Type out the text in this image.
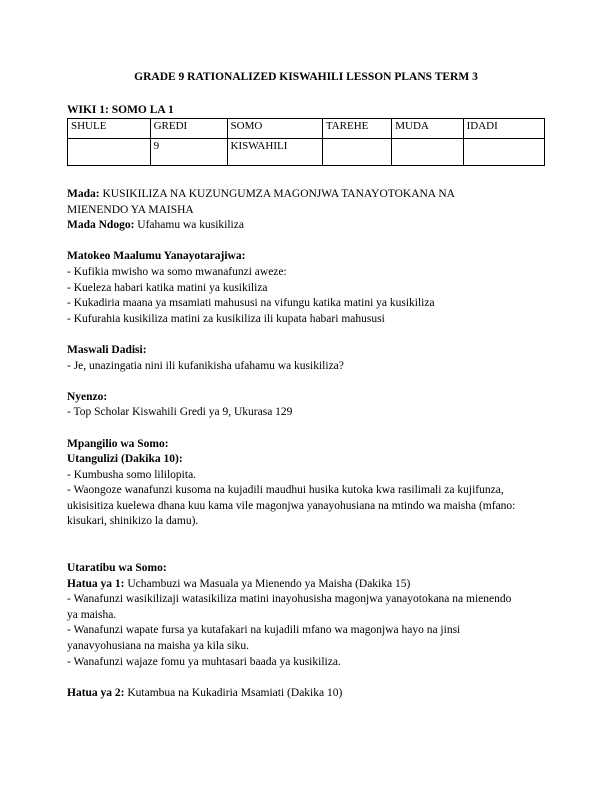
GRADE 9 RATIONALIZED KISWAHILI LESSON PLANS TERM 3
WIKI 1: SOMO LA 1
SHULE	GREDI	SOMO	TAREHE	MUDA	IDADI
	9	KISWAHILI			

Mada: KUSIKILIZA NA KUZUNGUMZA MAGONJWA TANAYOTOKANA NA

MIENENDO YA MAISHA

Mada Ndogo: Ufahamu wa kusikiliza

Matokeo Maalumu Yanayotarajiwa:

- Kufikia mwisho wa somo mwanafunzi aweze:

- Kueleza habari katika matini ya kusikiliza

- Kukadiria maana ya msamiati mahususi na vifungu katika matini ya kusikiliza

- Kufurahia kusikiliza matini za kusikiliza ili kupata habari mahususi

Maswali Dadisi:

- Je, unazingatia nini ili kufanikisha ufahamu wa kusikiliza?

Nyenzo:

- Top Scholar Kiswahili Gredi ya 9, Ukurasa 129

Mpangilio wa Somo:

Utangulizi (Dakika 10):

- Kumbusha somo lililopita.

- Waongoze wanafunzi kusoma na kujadili maudhui husika kutoka kwa rasilimali za kujifunza,

ukisisitiza kuelewa dhana kuu kama vile magonjwa yanayohusiana na mtindo wa maisha (mfano:

kisukari, shinikizo la damu).

Utaratibu wa Somo:

Hatua ya 1: Uchambuzi wa Masuala ya Mienendo ya Maisha (Dakika 15)

- Wanafunzi wasikilizaji watasikiliza matini inayohusisha magonjwa yanayotokana na mienendo

ya maisha.

- Wanafunzi wapate fursa ya kutafakari na kujadili mfano wa magonjwa hayo na jinsi

yanavyohusiana na maisha ya kila siku.

- Wanafunzi wajaze fomu ya muhtasari baada ya kusikiliza.

Hatua ya 2: Kutambua na Kukadiria Msamiati (Dakika 10)
